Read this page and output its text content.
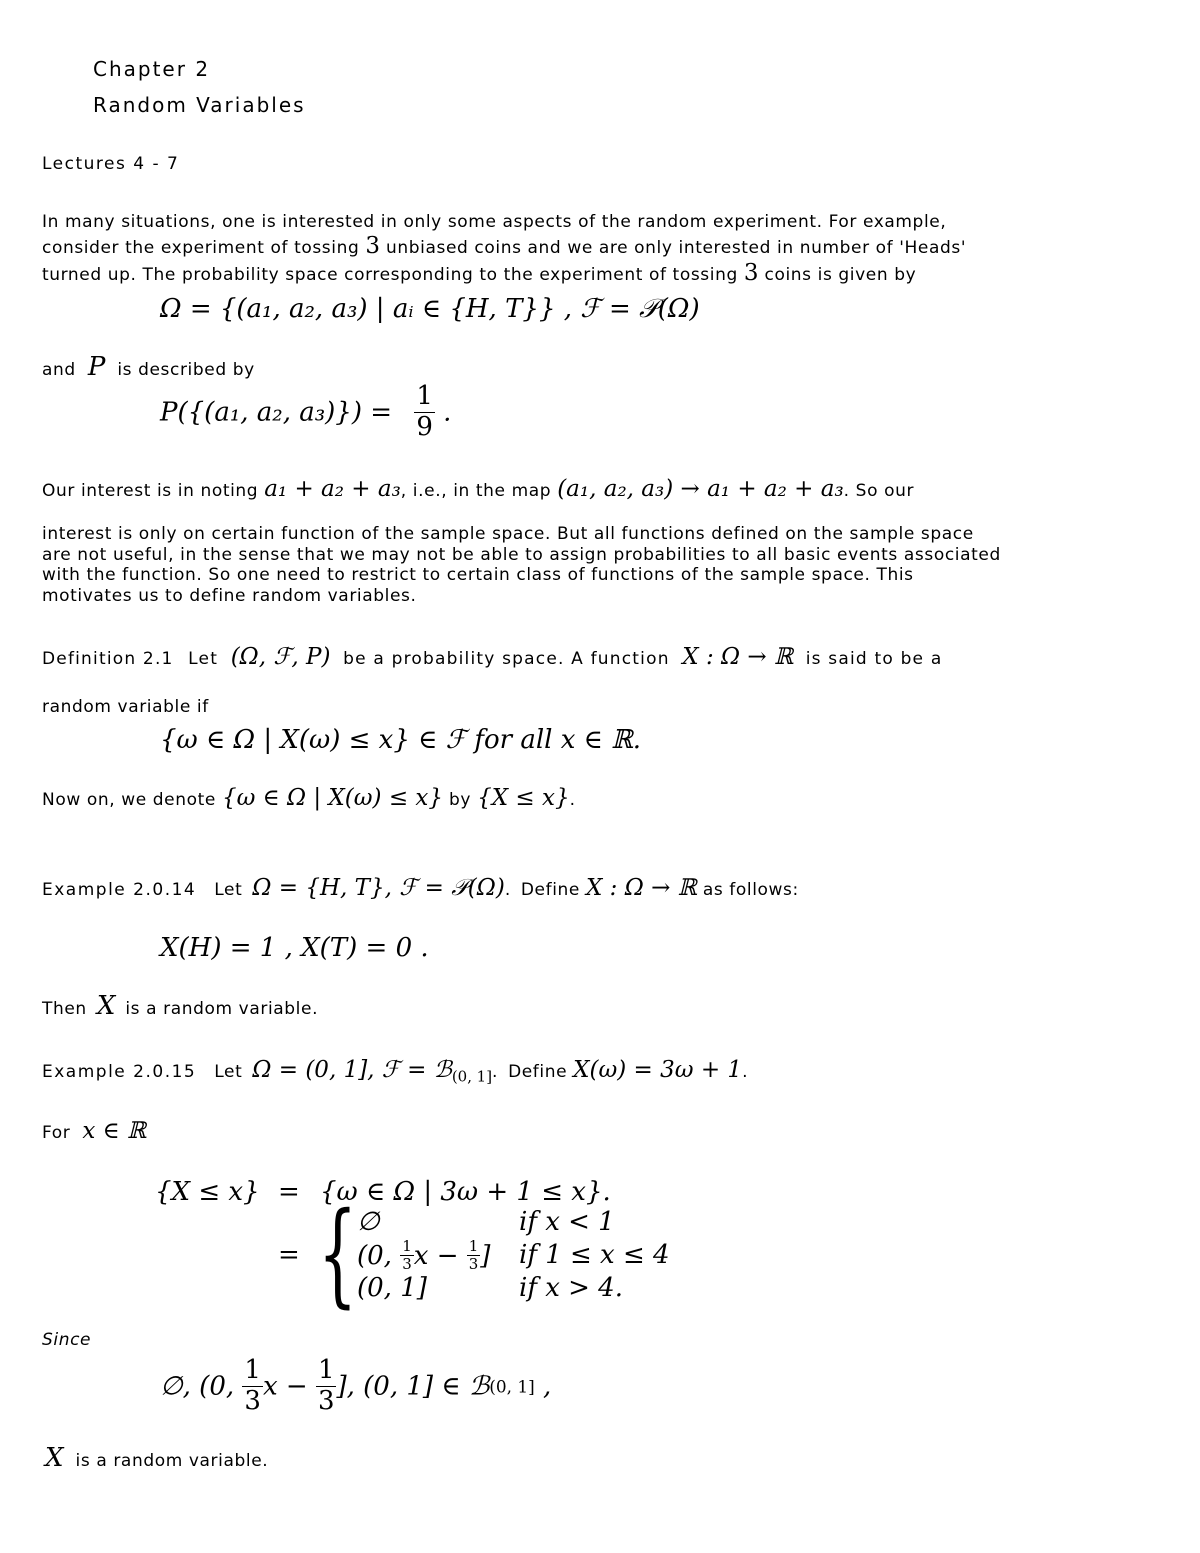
Chapter 2
Random Variables
Lectures 4 - 7
In many situations, one is interested in only some aspects of the random experiment. For example,
consider the experiment of tossing 3 unbiased coins and we are only interested in number of 'Heads'
turned up. The probability space corresponding to the experiment of tossing 3 coins is given by
Ω = {(a₁, a₂, a₃) | aᵢ ∈ {H, T}} , ℱ = 𝒫(Ω)
and P is described by
P({(a₁, a₂, $a_3)\}) = \frac{1}{9}$ .
Our interest is in noting a₁ + a₂ + a₃, i.e., in the map (a₁, a₂, a₃) → a₁ + a₂ + a₃. So our
interest is only on certain function of the sample space. But all functions defined on the sample space
are not useful, in the sense that we may not be able to assign probabilities to all basic events associated
with the function. So one need to restrict to certain class of functions of the sample space. This
motivates us to define random variables.
Definition 2.1 Let (Ω, ℱ, P) be a probability space. A function X : Ω → ℝ is said to be a
random variable if
{ω ∈ Ω | X(ω) ≤ x} ∈ ℱ for all x ∈ ℝ.
Now on, we denote {ω ∈ Ω | X(ω) ≤ x} by {X ≤ x}.
Example 2.0.14 Let Ω = {H, T}, ℱ = 𝒫(Ω). Define X : Ω → ℝ as follows:
X(H) = 1 , X(T) = 0 .
Then X is a random variable.
Example 2.0.15 Let Ω = (0, 1], ℱ = ℬ$_{(0, 1]}$. Define X(ω) = 3ω + 1.
For x ∈ ℝ
{X ≤ x} = {ω ∈ Ω | 3ω + 1 ≤ x}.
= { ∅	if x < 1
(0, $\frac{1}{3}$ $x - \frac{1}{3}$ ] if 1 ≤ x ≤ 4
(0, 1]	if x > 4.
Since
∅, (0, $\frac{1}{3}$ $x - \frac{1}{3}$ ], (0, 1] ∈ ℬ(0, 1] ,
X is a random variable.
